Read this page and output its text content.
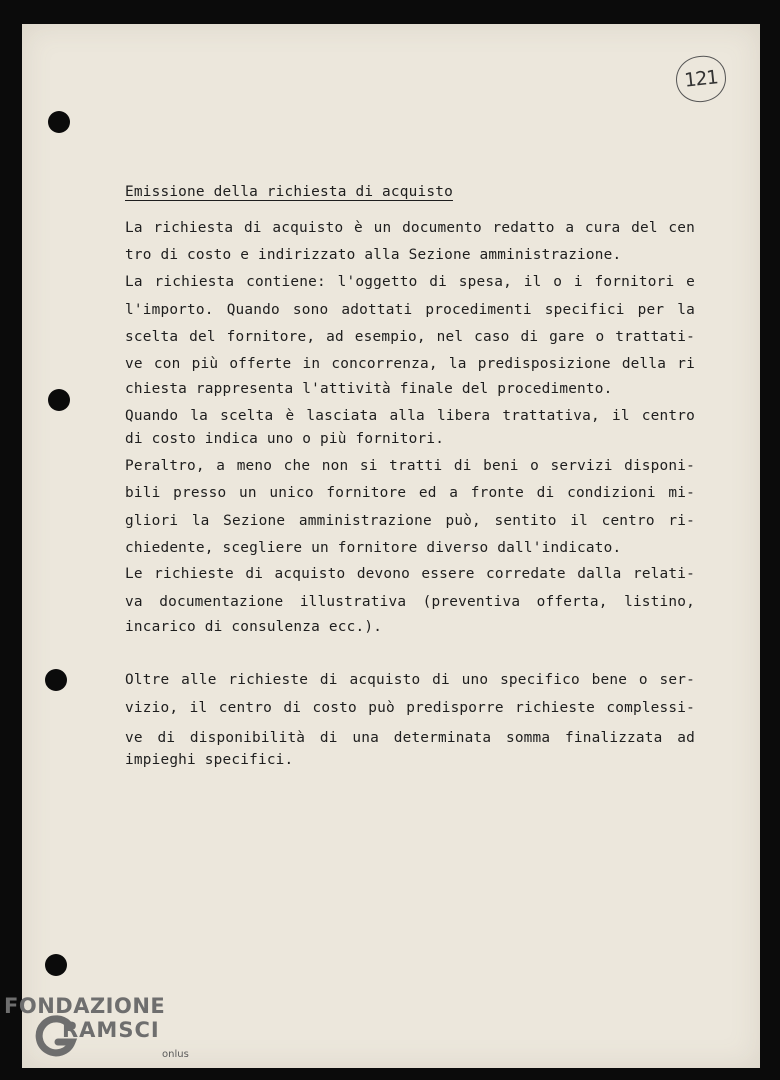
121
Emissione della richiesta di acquisto
La richiesta di acquisto è un documento redatto a cura del cen
tro di costo e indirizzato alla Sezione amministrazione.
La richiesta contiene: l'oggetto di spesa, il o i fornitori e
l'importo. Quando sono adottati procedimenti specifici per la
scelta del fornitore, ad esempio, nel caso di gare o trattati-
ve con più offerte in concorrenza, la predisposizione della ri
chiesta rappresenta l'attività finale del procedimento.
Quando la scelta è lasciata alla libera trattativa, il centro
di costo indica uno o più fornitori.
Peraltro, a meno che non si tratti di beni o servizi disponi-
bili presso un unico fornitore ed a fronte di condizioni mi-
gliori la Sezione amministrazione può, sentito il centro ri-
chiedente, scegliere un fornitore diverso dall'indicato.
Le richieste di acquisto devono essere corredate dalla relati-
va documentazione illustrativa (preventiva offerta, listino,
incarico di consulenza ecc.).
Oltre alle richieste di acquisto di uno specifico bene o ser-
vizio, il centro di costo può predisporre richieste complessi-
ve di disponibilità di una determinata somma finalizzata ad
impieghi specifici.
FONDAZIONE
RAMSCI
onlus
